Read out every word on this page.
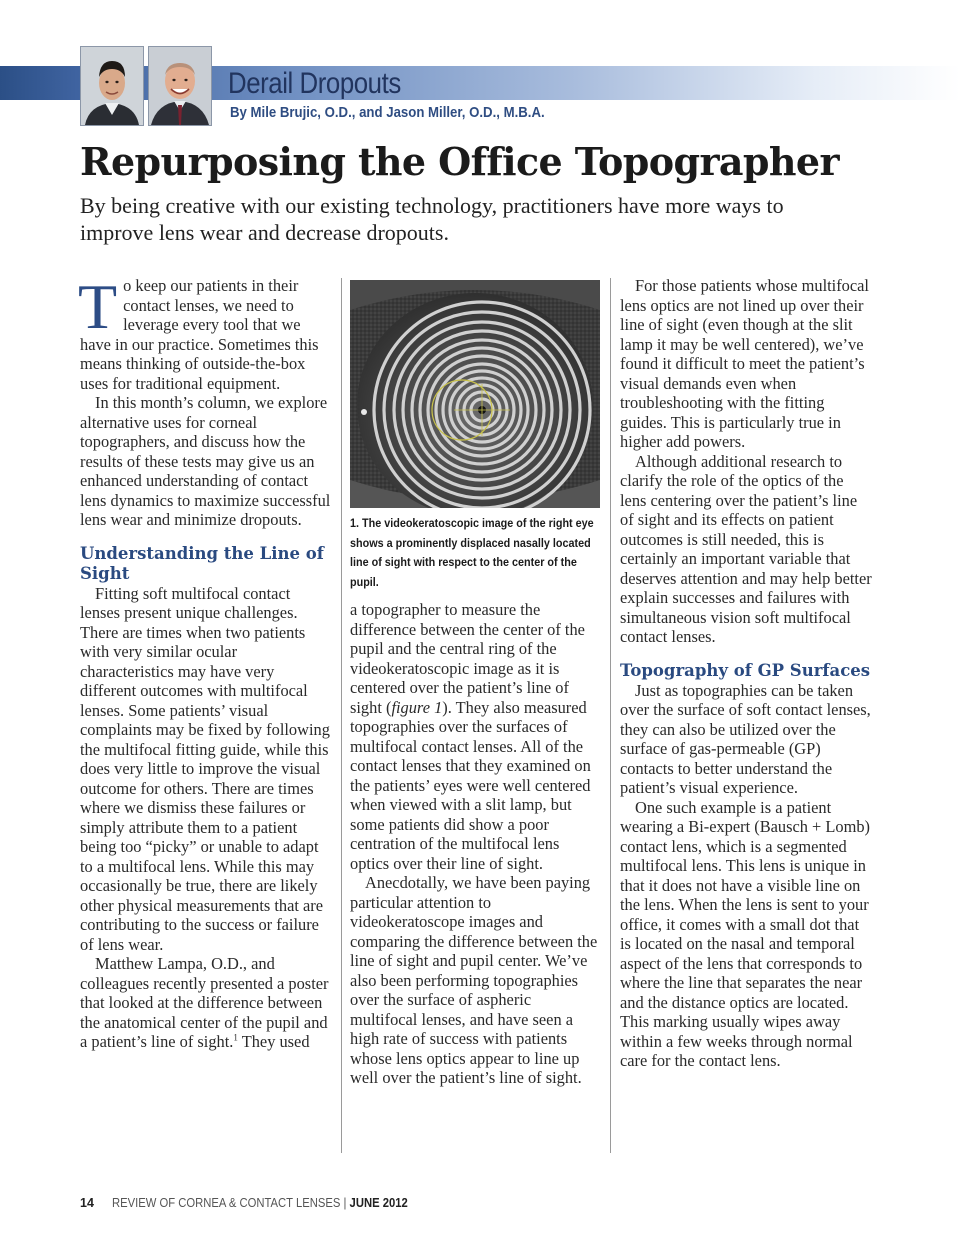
Derail Dropouts
By Mile Brujic, O.D., and Jason Miller, O.D., M.B.A.
Repurposing the Office Topographer

By being creative with our existing technology, practitioners have more ways to improve lens wear and decrease dropouts.

To keep our patients in their contact lenses, we need to leverage every tool that we have in our practice. Sometimes this means thinking of outside-the-box uses for traditional equipment.

In this month’s column, we explore alternative uses for corneal topographers, and discuss how the results of these tests may give us an enhanced understanding of contact lens dynamics to maximize successful lens wear and minimize dropouts.

Understanding the Line of Sight

Fitting soft multifocal contact lenses present unique challenges. There are times when two patients with very similar ocular characteristics may have very different outcomes with multifocal lenses. Some patients’ visual complaints may be fixed by following the multifocal fitting guide, while this does very little to improve the visual outcome for others. There are times where we dismiss these failures or simply attribute them to a patient being too “picky” or unable to adapt to a multifocal lens. While this may occasionally be true, there are likely other physical measurements that are contributing to the success or failure of lens wear.

Matthew Lampa, O.D., and colleagues recently presented a poster that looked at the difference between the anatomical center of the pupil and a patient’s line of sight.$^1$ They used

1. The videokeratoscopic image of the right eye shows a prominently displaced nasally located line of sight with respect to the center of the pupil.

a topographer to measure the difference between the center of the pupil and the central ring of the videokeratoscopic image as it is centered over the patient’s line of sight (figure 1). They also measured topographies over the surfaces of multifocal contact lenses. All of the contact lenses that they examined on the patients’ eyes were well centered when viewed with a slit lamp, but some patients did show a poor centration of the multifocal lens optics over their line of sight.

Anecdotally, we have been paying particular attention to videokeratoscope images and comparing the difference between the line of sight and pupil center. We’ve also been performing topographies over the surface of aspheric multifocal lenses, and have seen a high rate of success with patients whose lens optics appear to line up well over the patient’s line of sight.

For those patients whose multifocal lens optics are not lined up over their line of sight (even though at the slit lamp it may be well centered), we’ve found it difficult to meet the patient’s visual demands even when troubleshooting with the fitting guides. This is particularly true in higher add powers.

Although additional research to clarify the role of the optics of the lens centering over the patient’s line of sight and its effects on patient outcomes is still needed, this is certainly an important variable that deserves attention and may help better explain successes and failures with simultaneous vision soft multifocal contact lenses.

Topography of GP Surfaces

Just as topographies can be taken over the surface of soft contact lenses, they can also be utilized over the surface of gas-permeable (GP) contacts to better understand the patient’s visual experience.

One such example is a patient wearing a Bi-expert (Bausch + Lomb) contact lens, which is a segmented multifocal lens. This lens is unique in that it does not have a visible line on the lens. When the lens is sent to your office, it comes with a small dot that is located on the nasal and temporal aspect of the lens that corresponds to where the line that separates the near and the distance optics are located. This marking usually wipes away within a few weeks through normal care for the contact lens.

14 REVIEW OF CORNEA & CONTACT LENSES | JUNE 2012
